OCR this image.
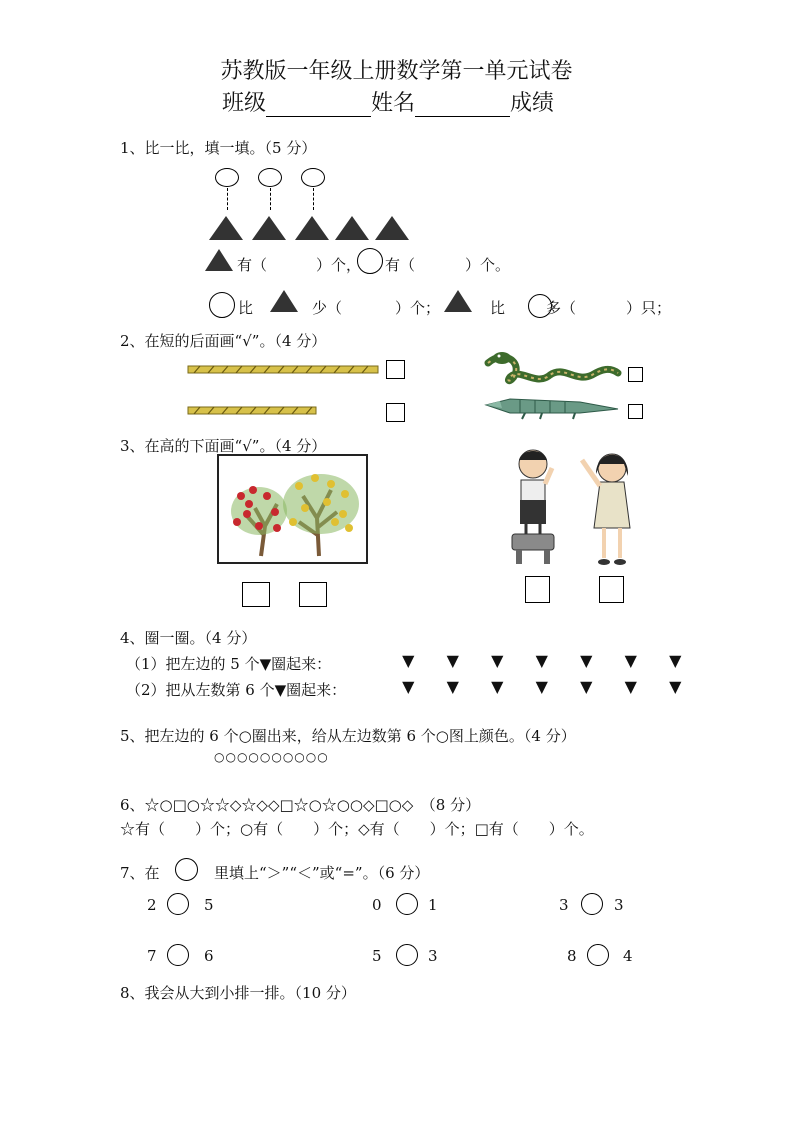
苏教版一年级上册数学第一单元试卷
班级	姓名	成绩
1、比一比，填一填。（5 分）
有（	）个， 有（	）个。
比	少（	）个；	比	多（	）只；
2、在短的后面画“√”。（4 分）
3、在高的下面画“√”。（4 分）
4、圈一圈。（4 分）
（1）把左边的 5 个▼圈起来：	▼	▼	▼	▼	▼	▼	▼
（2）把从左数第 6 个▼圈起来：	▼	▼	▼	▼	▼	▼	▼
5、把左边的 6 个○圈出来，给从左边数第 6 个○图上颜色。（4 分）
○○○○○○○○○○
6、☆○□○☆☆◇☆◇◇□☆○☆○○◇□○◇　（8 分）
☆有（　　）个；○有（　　）个；◇有（　　）个；□有（　　）个。
7、在	里填上“＞”“＜”或“=”。（6 分）
2	5	0	1	3	3
7	6	5	3	8	4
8、我会从大到小排一排。（10 分）
